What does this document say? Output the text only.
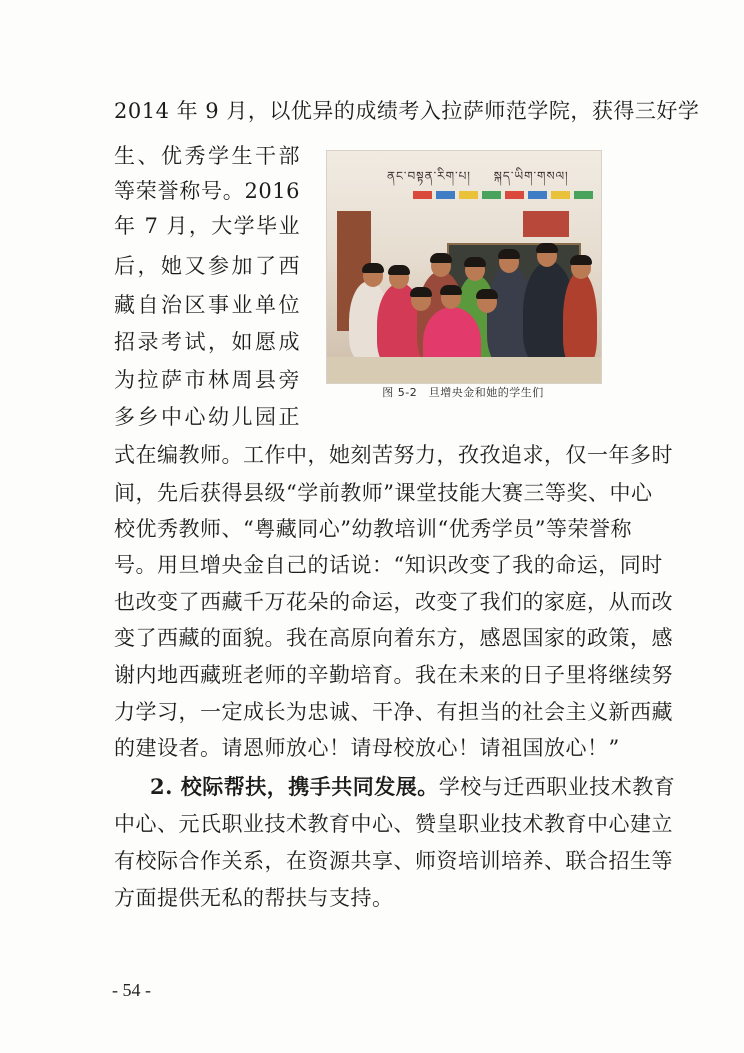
2014 年 9 月，以优异的成绩考入拉萨师范学院，获得三好学
生、优秀学生干部
等荣誉称号。2016
年 7 月，大学毕业
后，她又参加了西
藏自治区事业单位
招录考试，如愿成
为拉萨市林周县旁
多乡中心幼儿园正
式在编教师。工作中，她刻苦努力，孜孜追求，仅一年多时
间，先后获得县级“学前教师”课堂技能大赛三等奖、中心
校优秀教师、“粤藏同心”幼教培训“优秀学员”等荣誉称
号。用旦增央金自己的话说：“知识改变了我的命运，同时
也改变了西藏千万花朵的命运，改变了我们的家庭，从而改
变了西藏的面貌。我在高原向着东方，感恩国家的政策，感
谢内地西藏班老师的辛勤培育。我在未来的日子里将继续努
力学习，一定成长为忠诚、干净、有担当的社会主义新西藏
的建设者。请恩师放心！请母校放心！请祖国放心！”
2. 校际帮扶，携手共同发展。学校与迁西职业技术教育
中心、元氏职业技术教育中心、赞皇职业技术教育中心建立
有校际合作关系，在资源共享、师资培训培养、联合招生等
方面提供无私的帮扶与支持。
ནང་བསྟན་རིག་པ། སྐད་ཡིག་གསལ།
图 5-2　旦增央金和她的学生们
- 54 -
